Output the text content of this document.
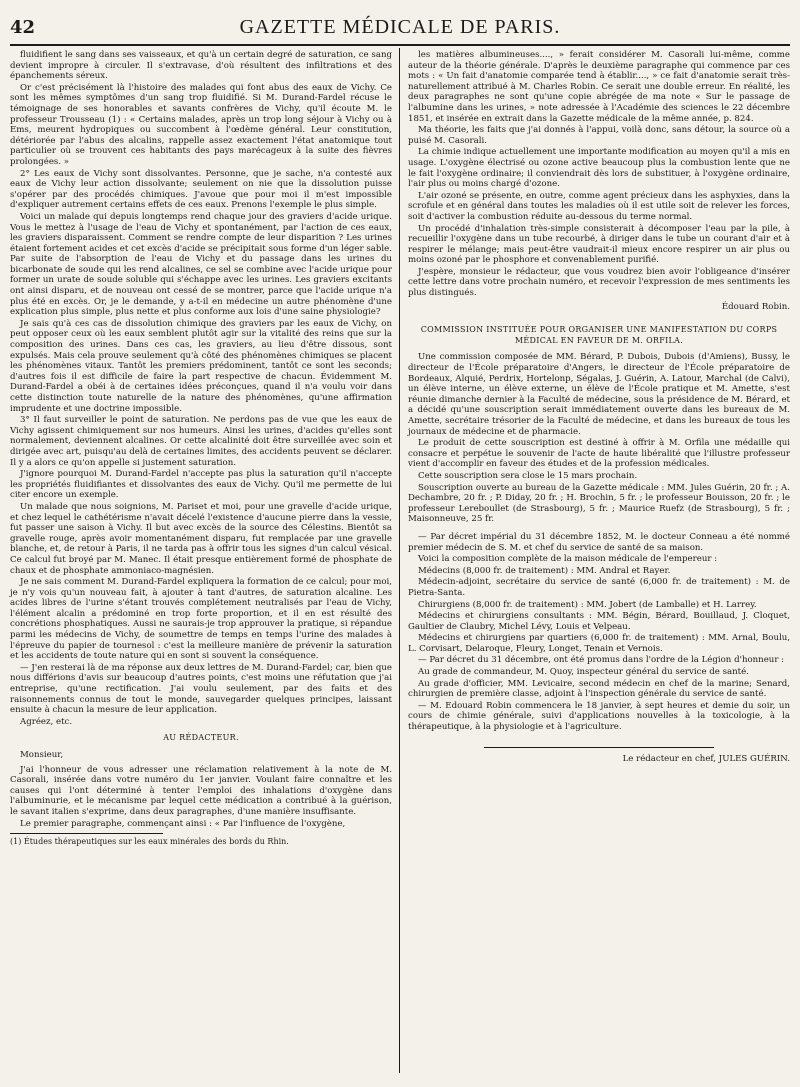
42	GAZETTE MÉDICALE DE PARIS.

fluidifient le sang dans ses vaisseaux, et qu'à un certain degré de saturation, ce sang devient impropre à circuler. Il s'extravase, d'où résultent des infiltrations et des épanchements séreux.

Or c'est précisément là l'histoire des malades qui font abus des eaux de Vichy. Ce sont les mêmes symptômes d'un sang trop fluidifié. Si M. Durand-Fardel récuse le témoignage de ses honorables et savants confrères de Vichy, qu'il écoute M. le professeur Trousseau (1) : « Certains malades, après un trop long séjour à Vichy ou à Ems, meurent hydropiques ou succombent à l'œdème général. Leur constitution, détériorée par l'abus des alcalins, rappelle assez exactement l'état anatomique tout particulier où se trouvent ces habitants des pays marécageux à la suite des fièvres prolongées. »

2° Les eaux de Vichy sont dissolvantes. Personne, que je sache, n'a contesté aux eaux de Vichy leur action dissolvante; seulement on nie que la dissolution puisse s'opérer par des procédés chimiques. J'avoue que pour moi il m'est impossible d'expliquer autrement certains effets de ces eaux. Prenons l'exemple le plus simple.

Voici un malade qui depuis longtemps rend chaque jour des graviers d'acide urique. Vous le mettez à l'usage de l'eau de Vichy et spontanément, par l'action de ces eaux, les graviers disparaissent. Comment se rendre compte de leur disparition ? Les urines étaient fortement acides et cet excès d'acide se précipitait sous forme d'un léger sable. Par suite de l'absorption de l'eau de Vichy et du passage dans les urines du bicarbonate de soude qui les rend alcalines, ce sel se combine avec l'acide urique pour former un urate de soude soluble qui s'échappe avec les urines. Les graviers excitants ont ainsi disparu, et de nouveau ont cessé de se montrer, parce que l'acide urique n'a plus été en excès. Or, je le demande, y a-t-il en médecine un autre phénomène d'une explication plus simple, plus nette et plus conforme aux lois d'une saine physiologie?

Je sais qu'à ces cas de dissolution chimique des graviers par les eaux de Vichy, on peut opposer ceux où les eaux semblent plutôt agir sur la vitalité des reins que sur la composition des urines. Dans ces cas, les graviers, au lieu d'être dissous, sont expulsés. Mais cela prouve seulement qu'à côté des phénomènes chimiques se placent les phénomènes vitaux. Tantôt les premiers prédominent, tantôt ce sont les seconds; d'autres fois il est difficile de faire la part respective de chacun. Évidemment M. Durand-Fardel a obéi à de certaines idées préconçues, quand il n'a voulu voir dans cette distinction toute naturelle de la nature des phénomènes, qu'une affirmation imprudente et une doctrine impossible.

3° Il faut surveiller le point de saturation. Ne perdons pas de vue que les eaux de Vichy agissent chimiquement sur nos humeurs. Ainsi les urines, d'acides qu'elles sont normalement, deviennent alcalines. Or cette alcalinité doit être surveillée avec soin et dirigée avec art, puisqu'au delà de certaines limites, des accidents peuvent se déclarer. Il y a alors ce qu'on appelle si justement saturation.

J'ignore pourquoi M. Durand-Fardel n'accepte pas plus la saturation qu'il n'accepte les propriétés fluidifiantes et dissolvantes des eaux de Vichy. Qu'il me permette de lui citer encore un exemple.

Un malade que nous soignions, M. Pariset et moi, pour une gravelle d'acide urique, et chez lequel le cathétérisme n'avait décelé l'existence d'aucune pierre dans la vessie, fut passer une saison à Vichy. Il but avec excès de la source des Célestins. Bientôt sa gravelle rouge, après avoir momentanément disparu, fut remplacée par une gravelle blanche, et, de retour à Paris, il ne tarda pas à offrir tous les signes d'un calcul vésical. Ce calcul fut broyé par M. Manec. Il était presque entièrement formé de phosphate de chaux et de phosphate ammoniaco-magnésien.

Je ne sais comment M. Durand-Fardel expliquera la formation de ce calcul; pour moi, je n'y vois qu'un nouveau fait, à ajouter à tant d'autres, de saturation alcaline. Les acides libres de l'urine s'étant trouvés complétement neutralisés par l'eau de Vichy, l'élément alcalin a prédominé en trop forte proportion, et il en est résulté des concrétions phosphatiques. Aussi ne saurais-je trop approuver la pratique, si répandue parmi les médecins de Vichy, de soumettre de temps en temps l'urine des malades à l'épreuve du papier de tournesol : c'est la meilleure manière de prévenir la saturation et les accidents de toute nature qui en sont si souvent la conséquence.

— J'en resterai là de ma réponse aux deux lettres de M. Durand-Fardel; car, bien que nous différions d'avis sur beaucoup d'autres points, c'est moins une réfutation que j'ai entreprise, qu'une rectification. J'ai voulu seulement, par des faits et des raisonnements connus de tout le monde, sauvegarder quelques principes, laissant ensuite à chacun la mesure de leur application.

Agréez, etc.

AU RÉDACTEUR.

Monsieur,

J'ai l'honneur de vous adresser une réclamation relativement à la note de M. Casorali, insérée dans votre numéro du 1er janvier. Voulant faire connaître et les causes qui l'ont déterminé à tenter l'emploi des inhalations d'oxygène dans l'albuminurie, et le mécanisme par lequel cette médication a contribué à la guérison, le savant italien s'exprime, dans deux paragraphes, d'une manière insuffisante.

Le premier paragraphe, commençant ainsi : « Par l'influence de l'oxygène,

(1) Études thérapeutiques sur les eaux minérales des bords du Rhin.

les matières albumineuses...., » ferait considérer M. Casorali lui-même, comme auteur de la théorie générale. D'après le deuxième paragraphe qui commence par ces mots : « Un fait d'anatomie comparée tend à établir...., » ce fait d'anatomie serait très-naturellement attribué à M. Charles Robin. Ce serait une double erreur. En réalité, les deux paragraphes ne sont qu'une copie abrégée de ma note « Sur le passage de l'albumine dans les urines, » note adressée à l'Académie des sciences le 22 décembre 1851, et insérée en extrait dans la Gazette médicale de la même année, p. 824.

Ma théorie, les faits que j'ai donnés à l'appui, voilà donc, sans détour, la source où a puisé M. Casorali.

La chimie indique actuellement une importante modification au moyen qu'il a mis en usage. L'oxygène électrisé ou ozone active beaucoup plus la combustion lente que ne le fait l'oxygène ordinaire; il conviendrait dès lors de substituer, à l'oxygène ordinaire, l'air plus ou moins chargé d'ozone.

L'air ozoné se présente, en outre, comme agent précieux dans les asphyxies, dans la scrofule et en général dans toutes les maladies où il est utile soit de relever les forces, soit d'activer la combustion réduite au-dessous du terme normal.

Un procédé d'inhalation très-simple consisterait à décomposer l'eau par la pile, à recueillir l'oxygène dans un tube recourbé, à diriger dans le tube un courant d'air et à respirer le mélange; mais peut-être vaudrait-il mieux encore respirer un air plus ou moins ozoné par le phosphore et convenablement purifié.

J'espère, monsieur le rédacteur, que vous voudrez bien avoir l'obligeance d'insérer cette lettre dans votre prochain numéro, et recevoir l'expression de mes sentiments les plus distingués.

Édouard Robin.

COMMISSION INSTITUÉE POUR ORGANISER UNE MANIFESTATION DU CORPS MÉDICAL EN FAVEUR DE M. ORFILA.

Une commission composée de MM. Bérard, P. Dubois, Dubois (d'Amiens), Bussy, le directeur de l'École préparatoire d'Angers, le directeur de l'École préparatoire de Bordeaux, Alquié, Perdrix, Hortelonp, Ségalas, J. Guérin, A. Latour, Marchal (de Calvi), un élève interne, un élève externe, un élève de l'École pratique et M. Amette, s'est réunie dimanche dernier à la Faculté de médecine, sous la présidence de M. Bérard, et a décidé qu'une souscription serait immédiatement ouverte dans les bureaux de M. Amette, secrétaire trésorier de la Faculté de médecine, et dans les bureaux de tous les journaux de médecine et de pharmacie.

Le produit de cette souscription est destiné à offrir à M. Orfila une médaille qui consacre et perpétue le souvenir de l'acte de haute libéralité que l'illustre professeur vient d'accomplir en faveur des études et de la profession médicales.

Cette souscription sera close le 15 mars prochain.

Souscription ouverte au bureau de la Gazette médicale : MM. Jules Guérin, 20 fr. ; A. Dechambre, 20 fr. ; P. Diday, 20 fr. ; H. Brochin, 5 fr. ; le professeur Bouisson, 20 fr. ; le professeur Lereboullet (de Strasbourg), 5 fr. ; Maurice Ruefz (de Strasbourg), 5 fr. ; Maisonneuve, 25 fr.

— Par décret impérial du 31 décembre 1852, M. le docteur Conneau a été nommé premier médecin de S. M. et chef du service de santé de sa maison.

Voici la composition complète de la maison médicale de l'empereur :

Médecins (8,000 fr. de traitement) : MM. Andral et Rayer.

Médecin-adjoint, secrétaire du service de santé (6,000 fr. de traitement) : M. de Pietra-Santa.

Chirurgiens (8,000 fr. de traitement) : MM. Jobert (de Lamballe) et H. Larrey.

Médecins et chirurgiens consultants : MM. Bégin, Bérard, Bouillaud, J. Cloquet, Gaultier de Claubry, Michel Lévy, Louis et Velpeau.

Médecins et chirurgiens par quartiers (6,000 fr. de traitement) : MM. Arnal, Boulu, L. Corvisart, Delaroque, Fleury, Longet, Tenain et Vernois.

— Par décret du 31 décembre, ont été promus dans l'ordre de la Légion d'honneur :

Au grade de commandeur, M. Quoy, inspecteur général du service de santé.

Au grade d'officier, MM. Levicaire, second médecin en chef de la marine; Senard, chirurgien de première classe, adjoint à l'inspection générale du service de santé.

— M. Edouard Robin commencera le 18 janvier, à sept heures et demie du soir, un cours de chimie générale, suivi d'applications nouvelles à la toxicologie, à la thérapeutique, à la physiologie et à l'agriculture.

Le rédacteur en chef, JULES GUÉRIN.
